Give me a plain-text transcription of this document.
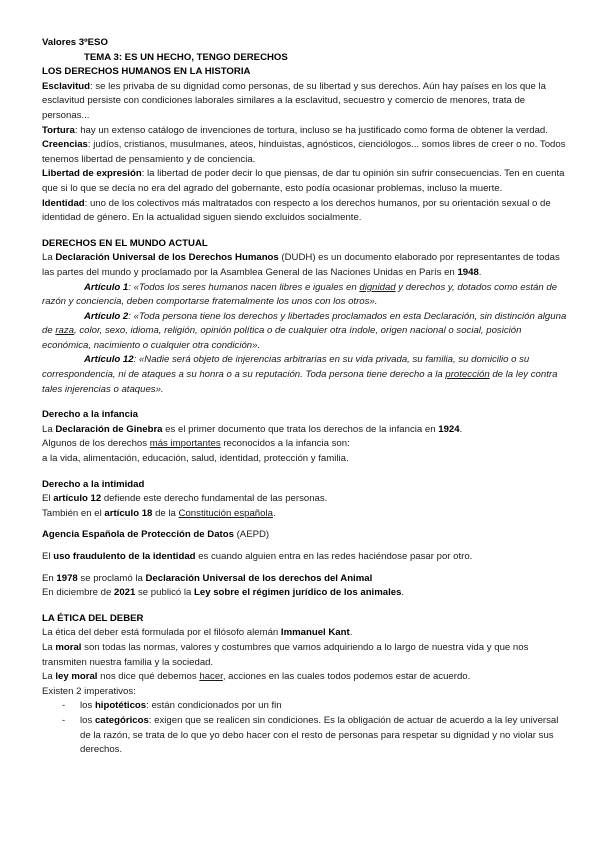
Valores 3ºESO

TEMA 3: ES UN HECHO, TENGO DERECHOS

LOS DERECHOS HUMANOS EN LA HISTORIA

Esclavitud: se les privaba de su dignidad como personas, de su libertad y sus derechos. Aún hay países en los que la esclavitud persiste con condiciones laborales similares a la esclavitud, secuestro y comercio de menores, trata de personas...

Tortura: hay un extenso catálogo de invenciones de tortura, incluso se ha justificado como forma de obtener la verdad.

Creencias: judíos, cristianos, musulmanes, ateos, hinduistas, agnósticos, cienciólogos... somos libres de creer o no. Todos tenemos libertad de pensamiento y de conciencia.

Libertad de expresión: la libertad de poder decir lo que piensas, de dar tu opinión sin sufrir consecuencias. Ten en cuenta que si lo que se decía no era del agrado del gobernante, esto podía ocasionar problemas, incluso la muerte.

Identidad: uno de los colectivos más maltratados con respecto a los derechos humanos, por su orientación sexual o de identidad de género. En la actualidad siguen siendo excluidos socialmente.

DERECHOS EN EL MUNDO ACTUAL

La Declaración Universal de los Derechos Humanos (DUDH) es un documento elaborado por representantes de todas las partes del mundo y proclamado por la Asamblea General de las Naciones Unidas en París en 1948.

Artículo 1: «Todos los seres humanos nacen libres e iguales en dignidad y derechos y, dotados como están de razón y conciencia, deben comportarse fraternalmente los unos con los otros».

Artículo 2: «Toda persona tiene los derechos y libertades proclamados en esta Declaración, sin distinción alguna de raza, color, sexo, idioma, religión, opinión política o de cualquier otra índole, origen nacional o social, posición económica, nacimiento o cualquier otra condición».

Artículo 12: «Nadie será objeto de injerencias arbitrarias en su vida privada, su familia, su domicilio o su correspondencia, ni de ataques a su honra o a su reputación. Toda persona tiene derecho a la protección de la ley contra tales injerencias o ataques».

Derecho a la infancia

La Declaración de Ginebra es el primer documento que trata los derechos de la infancia en 1924.

Algunos de los derechos más importantes reconocidos a la infancia son:

a la vida, alimentación, educación, salud, identidad, protección y familia.

Derecho a la intimidad

El artículo 12 defiende este derecho fundamental de las personas.

También en el artículo 18 de la Constitución española.

Agencia Española de Protección de Datos (AEPD)

El uso fraudulento de la identidad es cuando alguien entra en las redes haciéndose pasar por otro.

En 1978 se proclamó la Declaración Universal de los derechos del Animal

En diciembre de 2021 se publicó la Ley sobre el régimen jurídico de los animales.

LA ÉTICA DEL DEBER

La ética del deber está formulada por el filósofo alemán Immanuel Kant.

La moral son todas las normas, valores y costumbres que vamos adquiriendo a lo largo de nuestra vida y que nos transmiten nuestra familia y la sociedad.

La ley moral nos dice qué debemos hacer, acciones en las cuales todos podemos estar de acuerdo.

Existen 2 imperativos:

- los hipotéticos: están condicionados por un fin
- los categóricos: exigen que se realicen sin condiciones. Es la obligación de actuar de acuerdo a la ley universal de la razón, se trata de lo que yo debo hacer con el resto de personas para respetar su dignidad y no violar sus derechos.
